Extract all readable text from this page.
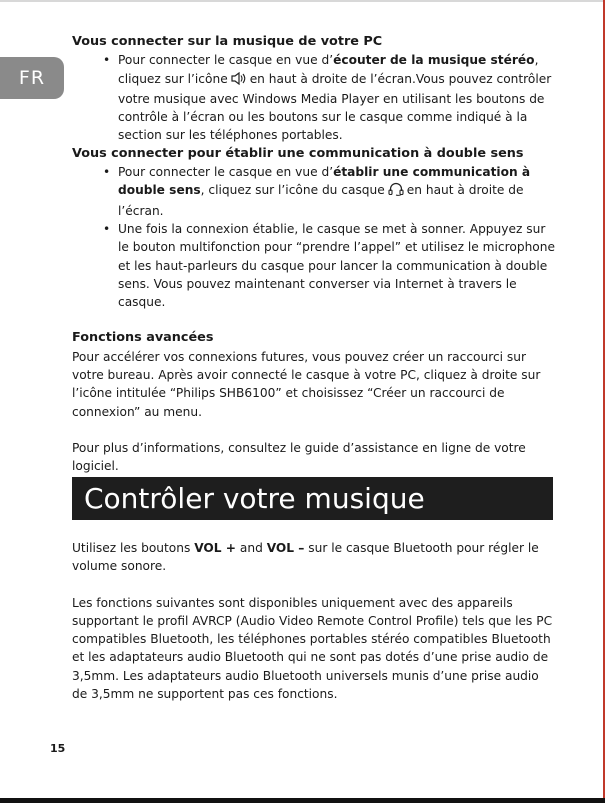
FR

Vous connecter sur la musique de votre PC

• Pour connecter le casque en vue d’écouter de la musique stéréo, cliquez sur l’icône en haut à droite de l’écran.Vous pouvez contrôler votre musique avec Windows Media Player en utilisant les boutons de contrôle à l’écran ou les boutons sur le casque comme indiqué à la section sur les téléphones portables.

Vous connecter pour établir une communication à double sens

• Pour connecter le casque en vue d’établir une communication à double sens, cliquez sur l’icône du casque en haut à droite de l’écran.
• Une fois la connexion établie, le casque se met à sonner. Appuyez sur le bouton multifonction pour “prendre l’appel” et utilisez le microphone et les haut-parleurs du casque pour lancer la communication à double sens. Vous pouvez maintenant converser via Internet à travers le casque.

Fonctions avancées

Pour accélérer vos connexions futures, vous pouvez créer un raccourci sur votre bureau. Après avoir connecté le casque à votre PC, cliquez à droite sur l’icône intitulée “Philips SHB6100” et choisissez “Créer un raccourci de connexion” au menu.

Pour plus d’informations, consultez le guide d’assistance en ligne de votre logiciel.

Contrôler votre musique

Utilisez les boutons VOL + and VOL – sur le casque Bluetooth pour régler le volume sonore.

Les fonctions suivantes sont disponibles uniquement avec des appareils supportant le profil AVRCP (Audio Video Remote Control Profile) tels que les PC compatibles Bluetooth, les téléphones portables stéréo compatibles Bluetooth et les adaptateurs audio Bluetooth qui ne sont pas dotés d’une prise audio de 3,5mm. Les adaptateurs audio Bluetooth universels munis d’une prise audio de 3,5mm ne supportent pas ces fonctions.

15
